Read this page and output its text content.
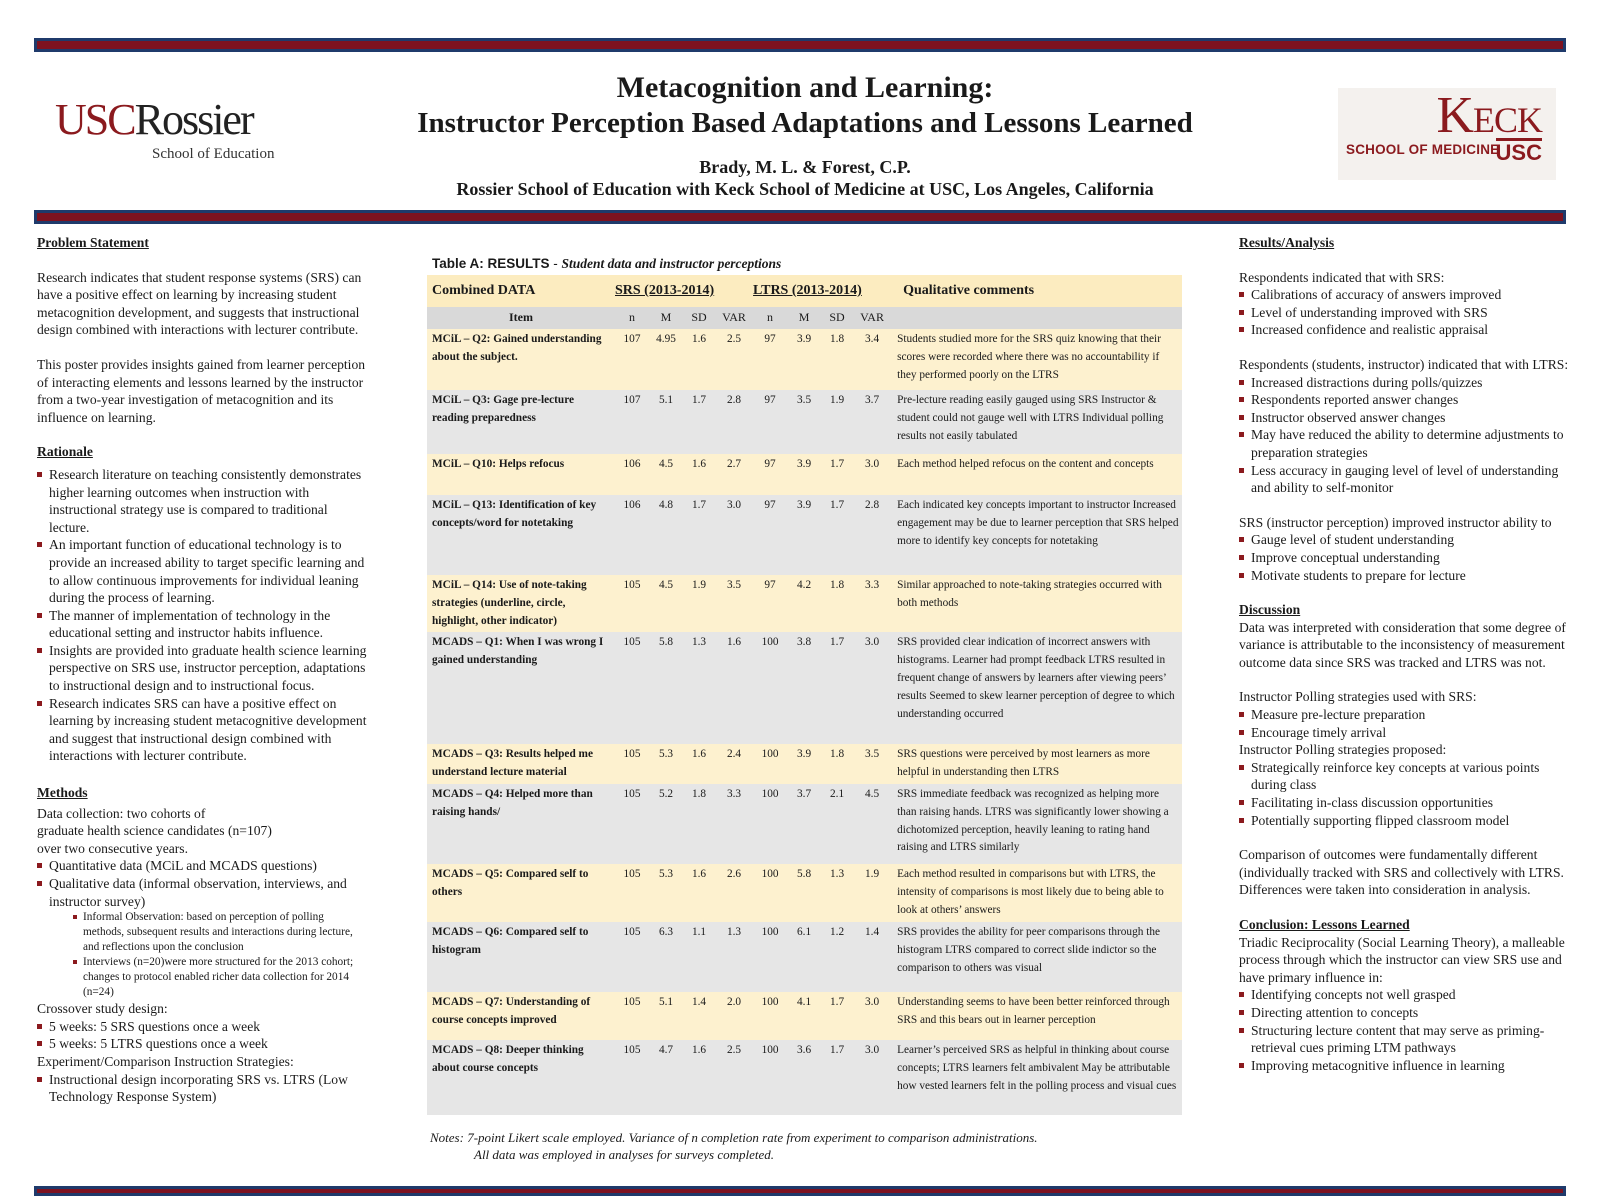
USCRossier
School of Education
Metacognition and Learning:
Instructor Perception Based Adaptations and Lessons Learned
Brady, M. L. & Forest, C.P.
Rossier School of Education with Keck School of Medicine at USC, Los Angeles, California
Keck
SCHOOL OF MEDICINE
USC
Problem Statement

Research indicates that student response systems (SRS) can have a positive effect on learning by increasing student metacognition development, and suggests that instructional design combined with interactions with lecturer contribute.

This poster provides insights gained from learner perception of interacting elements and lessons learned by the instructor from a two-year investigation of metacognition and its influence on learning.

Rationale
Research literature on teaching consistently demonstrates higher learning outcomes when instruction with instructional strategy use is compared to traditional lecture.
An important function of educational technology is to provide an increased ability to target specific learning and to allow continuous improvements for individual leaning during the process of learning.
The manner of implementation of technology in the educational setting and instructor habits influence.
Insights are provided into graduate health science learning perspective on SRS use, instructor perception, adaptations to instructional design and to instructional focus.
Research indicates SRS can have a positive effect on learning by increasing student metacognitive development and suggest that instructional design combined with interactions with lecturer contribute.
Methods

Data collection: two cohorts of

graduate health science candidates (n=107)

over two consecutive years.

Quantitative data (MCiL and MCADS questions)
Qualitative data (informal observation, interviews, and instructor survey)
Informal Observation: based on perception of polling methods, subsequent results and interactions during lecture, and reflections upon the conclusion
Interviews (n=20)were more structured for the 2013 cohort; changes to protocol enabled richer data collection for 2014 (n=24)

Crossover study design:

5 weeks: 5 SRS questions once a week
5 weeks: 5 LTRS questions once a week

Experiment/Comparison Instruction Strategies:

Instructional design incorporating SRS vs. LTRS (Low Technology Response System)
Table A: RESULTS - Student data and instructor perceptions
Combined DATA	SRS (2013-2014)				LTRS (2013-2014)				Qualitative comments
Item	n	M	SD	VAR	n	M	SD	VAR	
MCiL – Q2: Gained understanding about the subject.	107	4.95	1.6	2.5	97	3.9	1.8	3.4	Students studied more for the SRS quiz knowing that their scores were recorded where there was no accountability if they performed poorly on the LTRS
MCiL – Q3: Gage pre-lecture reading preparedness	107	5.1	1.7	2.8	97	3.5	1.9	3.7	Pre-lecture reading easily gauged using SRS Instructor & student could not gauge well with LTRS Individual polling results not easily tabulated
MCiL – Q10: Helps refocus	106	4.5	1.6	2.7	97	3.9	1.7	3.0	Each method helped refocus on the content and concepts
MCiL – Q13: Identification of key concepts/word for notetaking	106	4.8	1.7	3.0	97	3.9	1.7	2.8	Each indicated key concepts important to instructor Increased engagement may be due to learner perception that SRS helped more to identify key concepts for notetaking
MCiL – Q14: Use of note-taking strategies (underline, circle, highlight, other indicator)	105	4.5	1.9	3.5	97	4.2	1.8	3.3	Similar approached to note-taking strategies occurred with both methods
MCADS – Q1: When I was wrong I gained understanding	105	5.8	1.3	1.6	100	3.8	1.7	3.0	SRS provided clear indication of incorrect answers with histograms. Learner had prompt feedback LTRS resulted in frequent change of answers by learners after viewing peers’ results Seemed to skew learner perception of degree to which understanding occurred
MCADS – Q3: Results helped me understand lecture material	105	5.3	1.6	2.4	100	3.9	1.8	3.5	SRS questions were perceived by most learners as more helpful in understanding then LTRS
MCADS – Q4: Helped more than raising hands/	105	5.2	1.8	3.3	100	3.7	2.1	4.5	SRS immediate feedback was recognized as helping more than raising hands. LTRS was significantly lower showing a dichotomized perception, heavily leaning to rating hand raising and LTRS similarly
MCADS – Q5: Compared self to others	105	5.3	1.6	2.6	100	5.8	1.3	1.9	Each method resulted in comparisons but with LTRS, the intensity of comparisons is most likely due to being able to look at others’ answers
MCADS – Q6: Compared self to histogram	105	6.3	1.1	1.3	100	6.1	1.2	1.4	SRS provides the ability for peer comparisons through the histogram LTRS compared to correct slide indictor so the comparison to others was visual
MCADS – Q7: Understanding of course concepts improved	105	5.1	1.4	2.0	100	4.1	1.7	3.0	Understanding seems to have been better reinforced through SRS and this bears out in learner perception
MCADS – Q8: Deeper thinking about course concepts	105	4.7	1.6	2.5	100	3.6	1.7	3.0	Learner’s perceived SRS as helpful in thinking about course concepts; LTRS learners felt ambivalent May be attributable how vested learners felt in the polling process and visual cues
Notes: 7-point Likert scale employed. Variance of n completion rate from experiment to comparison administrations.
All data was employed in analyses for surveys completed.
Results/Analysis

Respondents indicated that with SRS:

Calibrations of accuracy of answers improved
Level of understanding improved with SRS
Increased confidence and realistic appraisal

Respondents (students, instructor) indicated that with LTRS:

Increased distractions during polls/quizzes
Respondents reported answer changes
Instructor observed answer changes
May have reduced the ability to determine adjustments to preparation strategies
Less accuracy in gauging level of level of understanding and ability to self-monitor

SRS (instructor perception) improved instructor ability to

Gauge level of student understanding
Improve conceptual understanding
Motivate students to prepare for lecture
Discussion

Data was interpreted with consideration that some degree of variance is attributable to the inconsistency of measurement outcome data since SRS was tracked and LTRS was not.

Instructor Polling strategies used with SRS:

Measure pre-lecture preparation
Encourage timely arrival

Instructor Polling strategies proposed:

Strategically reinforce key concepts at various points during class
Facilitating in-class discussion opportunities
Potentially supporting flipped classroom model

Comparison of outcomes were fundamentally different (individually tracked with SRS and collectively with LTRS. Differences were taken into consideration in analysis.

Conclusion: Lessons Learned

Triadic Reciprocality (Social Learning Theory), a malleable process through which the instructor can view SRS use and have primary influence in:

Identifying concepts not well grasped
Directing attention to concepts
Structuring lecture content that may serve as priming-retrieval cues priming LTM pathways
Improving metacognitive influence in learning
